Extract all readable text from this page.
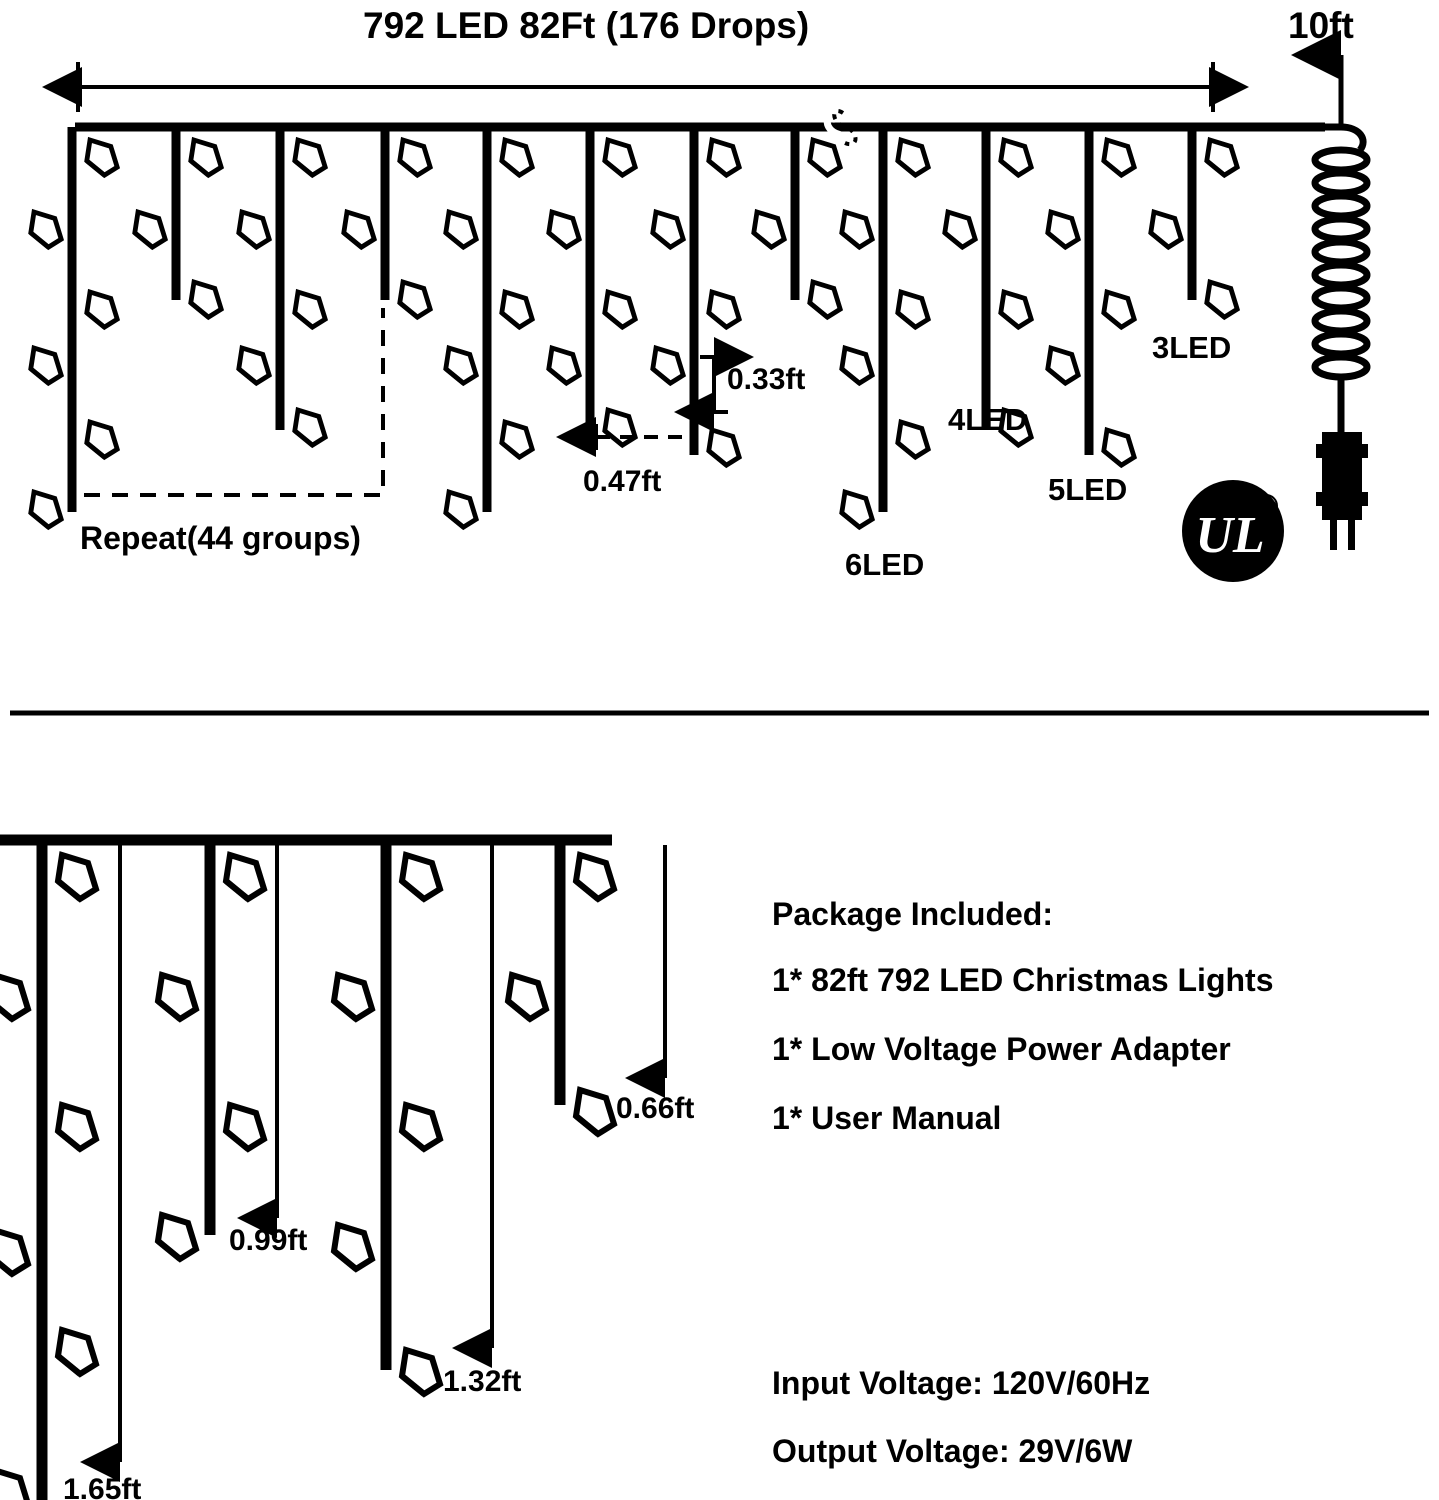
UL
R
792 LED 82Ft (176 Drops)	10ft
0.33ft
0.47ft
3LED
4LED
5LED
6LED
Repeat(44 groups)
0.66ft
0.99ft
1.32ft
1.65ft
Package Included:
1* 82ft 792 LED Christmas Lights
1* Low Voltage Power Adapter
1* User Manual
Input Voltage: 120V/60Hz
Output Voltage: 29V/6W
